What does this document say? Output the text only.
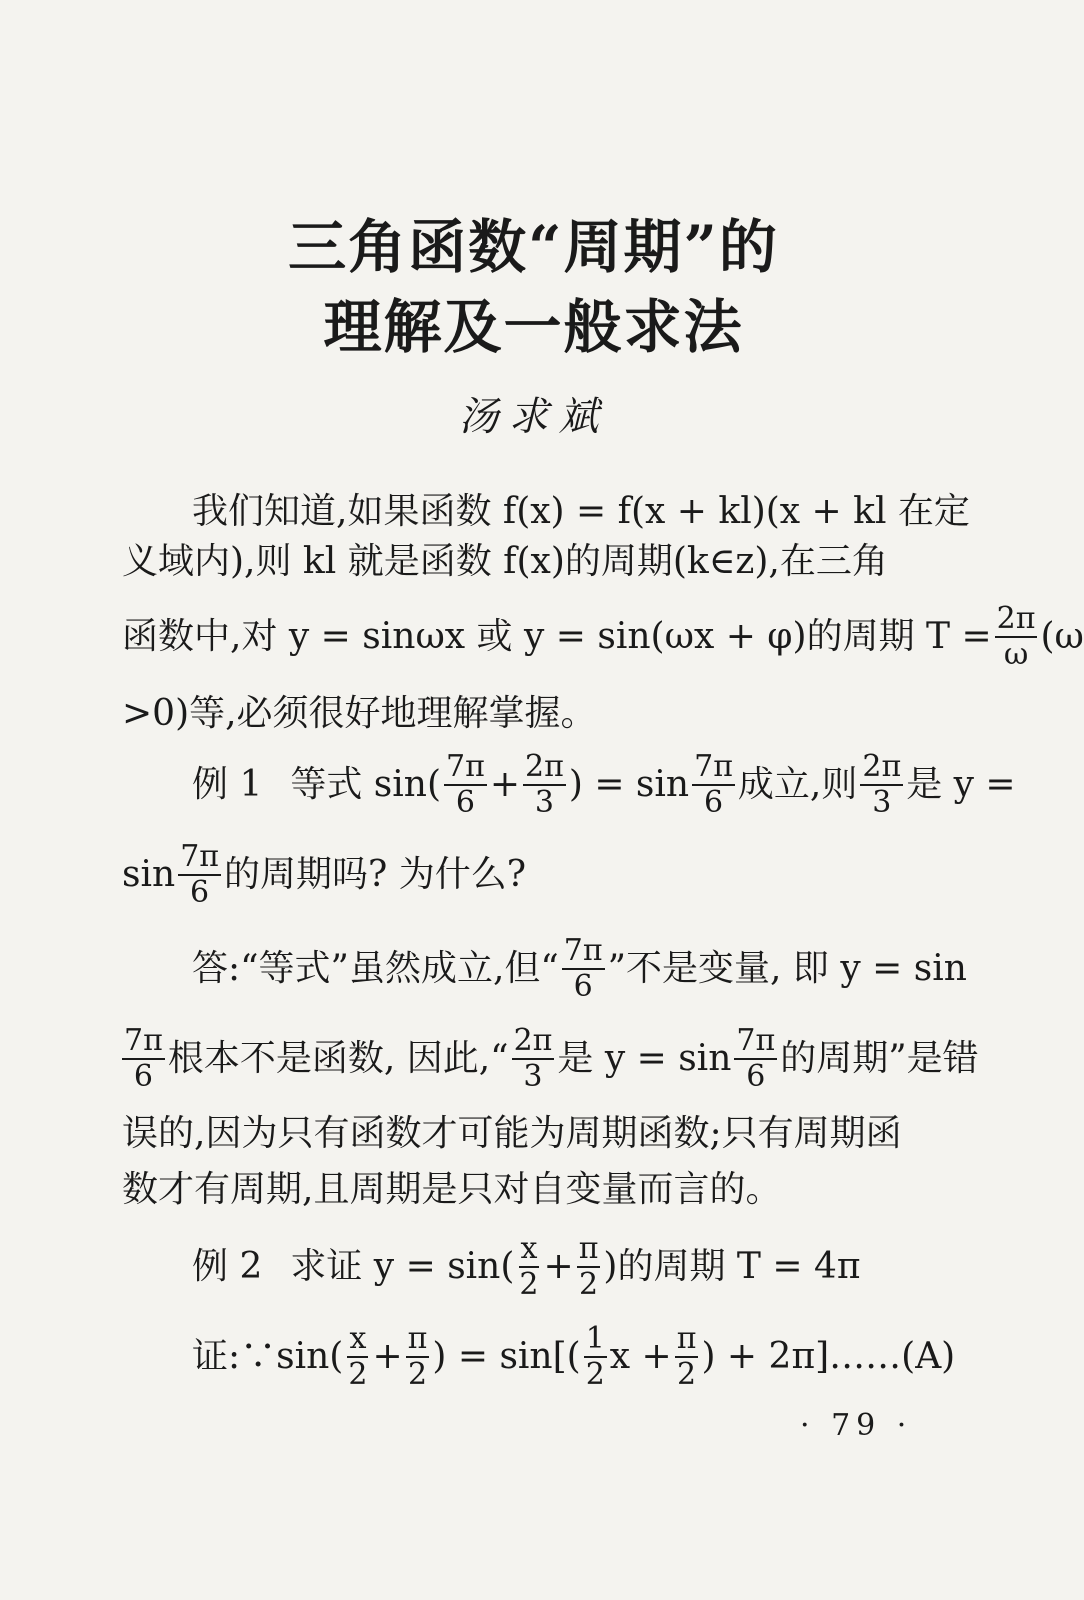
三角函数“周期”的
理解及一般求法
汤求斌
我们知道,如果函数 f(x) = f(x + kl)(x + kl 在定
义域内),则 kl 就是函数 f(x)的周期(k∈z),在三角
函数中,对 y = sinωx 或 y = sin(ωx + φ)的周期 $T = \frac{2\pi}{\omega} (\omega$
>0)等,必须很好地理解掌握。
例 1 等式 $\sin( \frac{7\pi}{6} + \frac{2\pi}{3}$ ) = $\sin \frac{7\pi}{6}$ 成立,则 $\frac{2\pi}{3}$ 是 y =
$\sin \frac{7\pi}{6}$ 的周期吗? 为什么?
答:“等式”虽然成立,但“ $\frac{7\pi}{6}$ ”不是变量, 即 y = sin
$\frac{7\pi}{6}$ 根本不是函数, 因此,“ $\frac{2\pi}{3}$ 是 $y = \sin \frac{7\pi}{6}$ 的周期”是错
误的,因为只有函数才可能为周期函数;只有周期函
数才有周期,且周期是只对自变量而言的。
例 2 求证 $y = \sin( \frac{x}{2} + \frac{\pi}{2}$ )的周期 T = 4π
证:∵sin( $\frac{x}{2} + \frac{\pi}{2}$ ) = $\sin[( \frac{1}{2}$ $x + \frac{\pi}{2}$ ) + 2π]……(A)
· 79 ·
